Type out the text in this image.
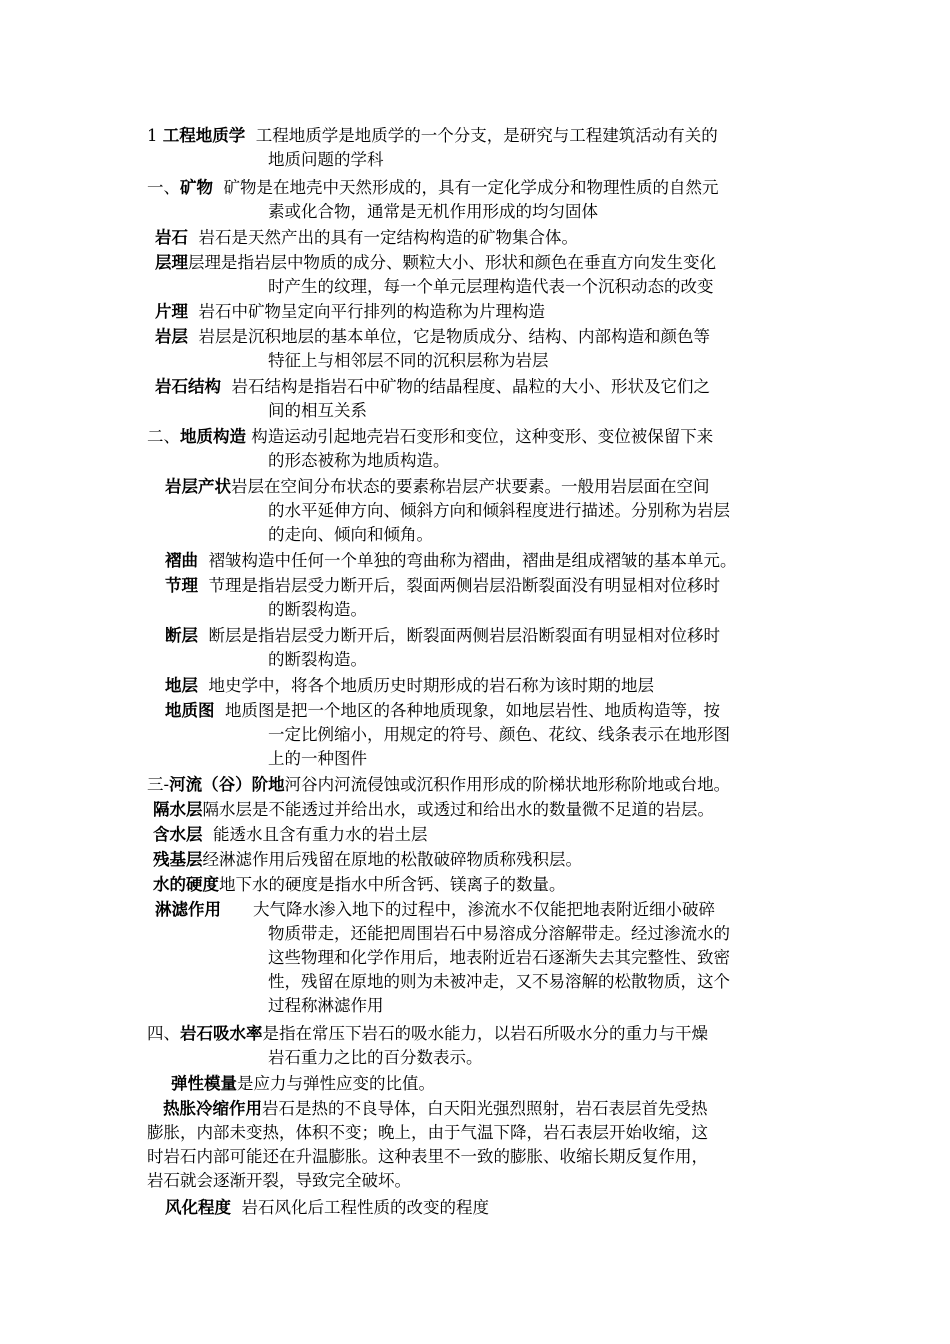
1 工程地质学 工程地质学是地质学的一个分支，是研究与工程建筑活动有关的
地质问题的学科
一、矿物 矿物是在地壳中天然形成的，具有一定化学成分和物理性质的自然元
素或化合物，通常是无机作用形成的均匀固体
岩石 岩石是天然产出的具有一定结构构造的矿物集合体。
层理层理是指岩层中物质的成分、颗粒大小、形状和颜色在垂直方向发生变化
时产生的纹理，每一个单元层理构造代表一个沉积动态的改变
片理 岩石中矿物呈定向平行排列的构造称为片理构造
岩层 岩层是沉积地层的基本单位，它是物质成分、结构、内部构造和颜色等
特征上与相邻层不同的沉积层称为岩层
岩石结构 岩石结构是指岩石中矿物的结晶程度、晶粒的大小、形状及它们之
间的相互关系
二、地质构造 构造运动引起地壳岩石变形和变位，这种变形、变位被保留下来
的形态被称为地质构造。
岩层产状岩层在空间分布状态的要素称岩层产状要素。一般用岩层面在空间
的水平延伸方向、倾斜方向和倾斜程度进行描述。分别称为岩层
的走向、倾向和倾角。
褶曲 褶皱构造中任何一个单独的弯曲称为褶曲，褶曲是组成褶皱的基本单元。
节理 节理是指岩层受力断开后，裂面两侧岩层沿断裂面没有明显相对位移时
的断裂构造。
断层 断层是指岩层受力断开后，断裂面两侧岩层沿断裂面有明显相对位移时
的断裂构造。
地层 地史学中，将各个地质历史时期形成的岩石称为该时期的地层
地质图 地质图是把一个地区的各种地质现象，如地层岩性、地质构造等，按
一定比例缩小，用规定的符号、颜色、花纹、线条表示在地形图
上的一种图件
三-河流（谷）阶地河谷内河流侵蚀或沉积作用形成的阶梯状地形称阶地或台地。
隔水层隔水层是不能透过并给出水，或透过和给出水的数量微不足道的岩层。
含水层 能透水且含有重力水的岩土层
残基层经淋滤作用后残留在原地的松散破碎物质称残积层。
水的硬度地下水的硬度是指水中所含钙、镁离子的数量。
淋滤作用 大气降水渗入地下的过程中，渗流水不仅能把地表附近细小破碎
物质带走，还能把周围岩石中易溶成分溶解带走。经过渗流水的
这些物理和化学作用后，地表附近岩石逐渐失去其完整性、致密
性，残留在原地的则为未被冲走，又不易溶解的松散物质，这个
过程称淋滤作用
四、岩石吸水率是指在常压下岩石的吸水能力，以岩石所吸水分的重力与干燥
岩石重力之比的百分数表示。
弹性模量是应力与弹性应变的比值。
热胀冷缩作用岩石是热的不良导体，白天阳光强烈照射，岩石表层首先受热
膨胀，内部未变热，体积不变；晚上，由于气温下降，岩石表层开始收缩，这
时岩石内部可能还在升温膨胀。这种表里不一致的膨胀、收缩长期反复作用，
岩石就会逐渐开裂，导致完全破坏。
风化程度 岩石风化后工程性质的改变的程度
